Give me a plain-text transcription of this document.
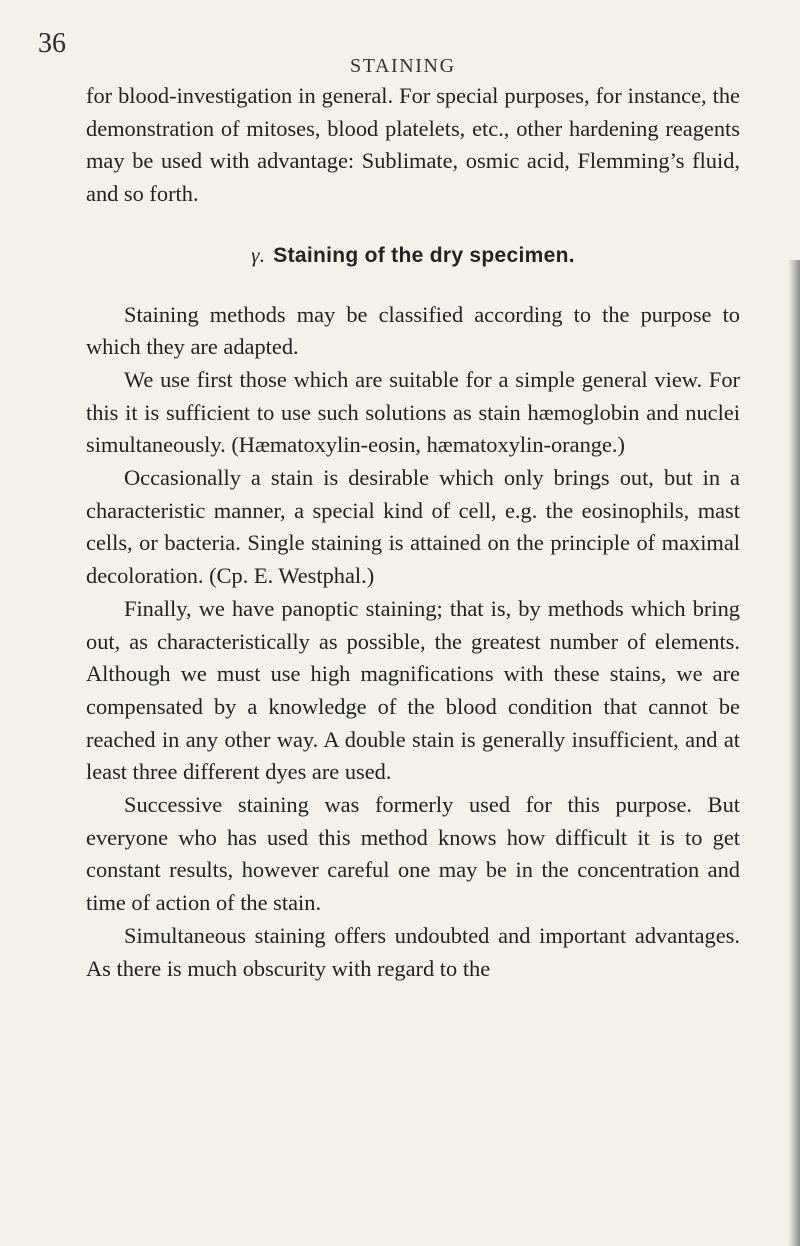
36
STAINING

for blood-investigation in general. For special purposes, for instance, the demonstration of mitoses, blood platelets, etc., other hardening reagents may be used with advantage: Sublimate, osmic acid, Flemming’s fluid, and so forth.

γ. Staining of the dry specimen.

Staining methods may be classified according to the purpose to which they are adapted.

We use first those which are suitable for a simple general view. For this it is sufficient to use such solutions as stain hæmoglobin and nuclei simultaneously. (Hæmatoxylin-eosin, hæmatoxylin-orange.)

Occasionally a stain is desirable which only brings out, but in a characteristic manner, a special kind of cell, e.g. the eosinophils, mast cells, or bacteria. Single staining is attained on the principle of maximal decoloration. (Cp. E. Westphal.)

Finally, we have panoptic staining; that is, by methods which bring out, as characteristically as possible, the greatest number of elements. Although we must use high magnifications with these stains, we are compensated by a knowledge of the blood condition that cannot be reached in any other way. A double stain is generally insufficient, and at least three different dyes are used.

Successive staining was formerly used for this purpose. But everyone who has used this method knows how difficult it is to get constant results, however careful one may be in the concentration and time of action of the stain.

Simultaneous staining offers undoubted and important advantages. As there is much obscurity with regard to the
